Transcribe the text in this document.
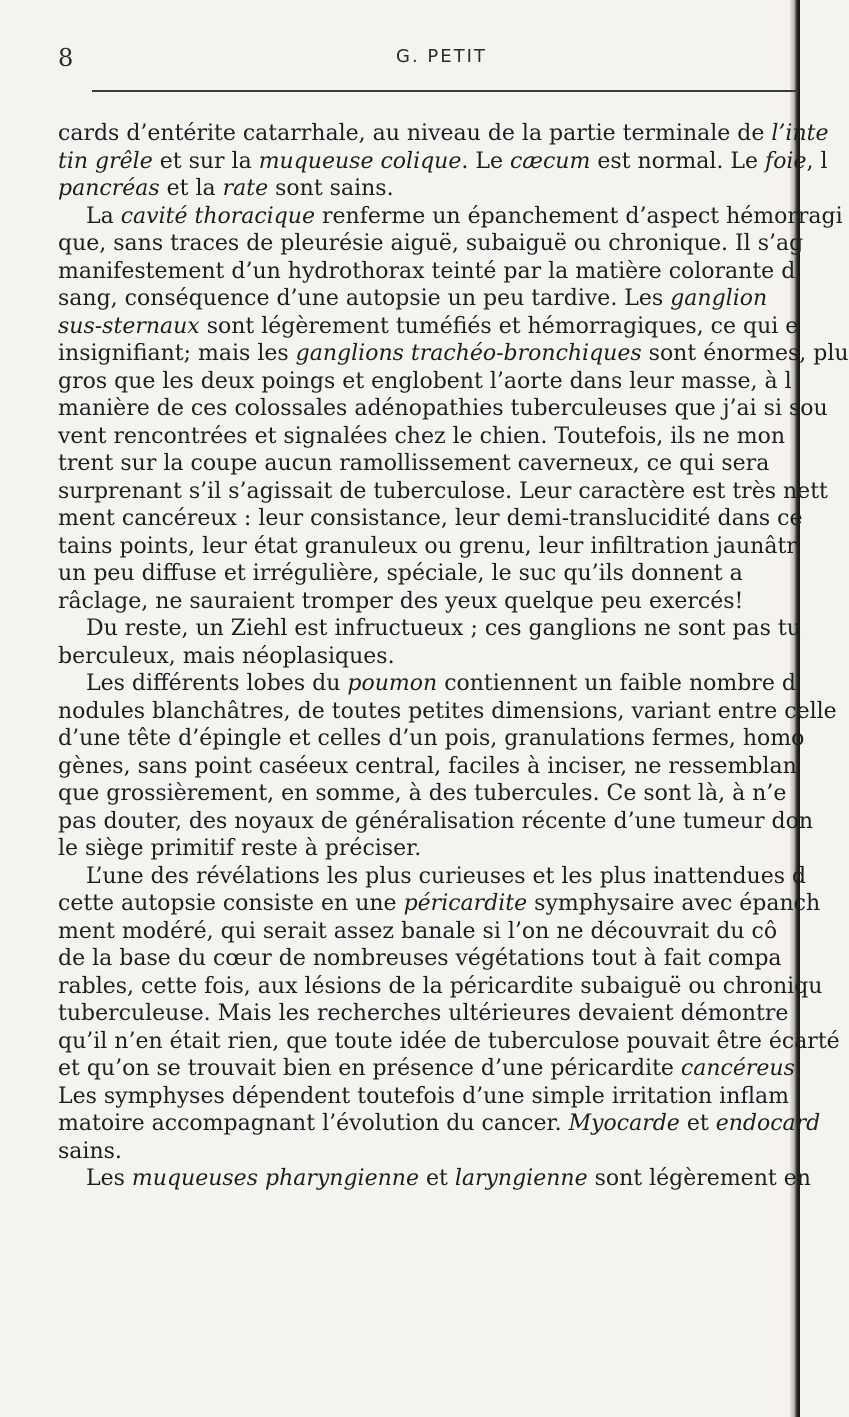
8	G. PETIT
cards d’entérite catarrhale, au niveau de la partie terminale de l’inte
tin grêle et sur la muqueuse colique. Le cæcum est normal. Le foie, l
pancréas et la rate sont sains.
La cavité thoracique renferme un épanchement d’aspect hémorragi
que, sans traces de pleurésie aiguë, subaiguë ou chronique. Il s’ag
manifestement d’un hydrothorax teinté par la matière colorante d
sang, conséquence d’une autopsie un peu tardive. Les ganglion
sus-sternaux sont légèrement tuméfiés et hémorragiques, ce qui e
insignifiant; mais les ganglions trachéo-bronchiques sont énormes, plu
gros que les deux poings et englobent l’aorte dans leur masse, à l
manière de ces colossales adénopathies tuberculeuses que j’ai si sou
vent rencontrées et signalées chez le chien. Toutefois, ils ne mon
trent sur la coupe aucun ramollissement caverneux, ce qui sera
surprenant s’il s’agissait de tuberculose. Leur caractère est très nett
ment cancéreux : leur consistance, leur demi-translucidité dans ce
tains points, leur état granuleux ou grenu, leur infiltration jaunâtr
un peu diffuse et irrégulière, spéciale, le suc qu’ils donnent a
râclage, ne sauraient tromper des yeux quelque peu exercés!
Du reste, un Ziehl est infructueux ; ces ganglions ne sont pas tu
berculeux, mais néoplasiques.
Les différents lobes du poumon contiennent un faible nombre d
nodules blanchâtres, de toutes petites dimensions, variant entre celle
d’une tête d’épingle et celles d’un pois, granulations fermes, homo
gènes, sans point caséeux central, faciles à inciser, ne ressemblan
que grossièrement, en somme, à des tubercules. Ce sont là, à n’e
pas douter, des noyaux de généralisation récente d’une tumeur don
le siège primitif reste à préciser.
L’une des révélations les plus curieuses et les plus inattendues d
cette autopsie consiste en une péricardite symphysaire avec épanch
ment modéré, qui serait assez banale si l’on ne découvrait du cô
de la base du cœur de nombreuses végétations tout à fait compa
rables, cette fois, aux lésions de la péricardite subaiguë ou chroniqu
tuberculeuse. Mais les recherches ultérieures devaient démontre
qu’il n’en était rien, que toute idée de tuberculose pouvait être écarté
et qu’on se trouvait bien en présence d’une péricardite cancéreus
Les symphyses dépendent toutefois d’une simple irritation inflam
matoire accompagnant l’évolution du cancer. Myocarde et endocard
sains.
Les muqueuses pharyngienne et laryngienne sont légèrement en
